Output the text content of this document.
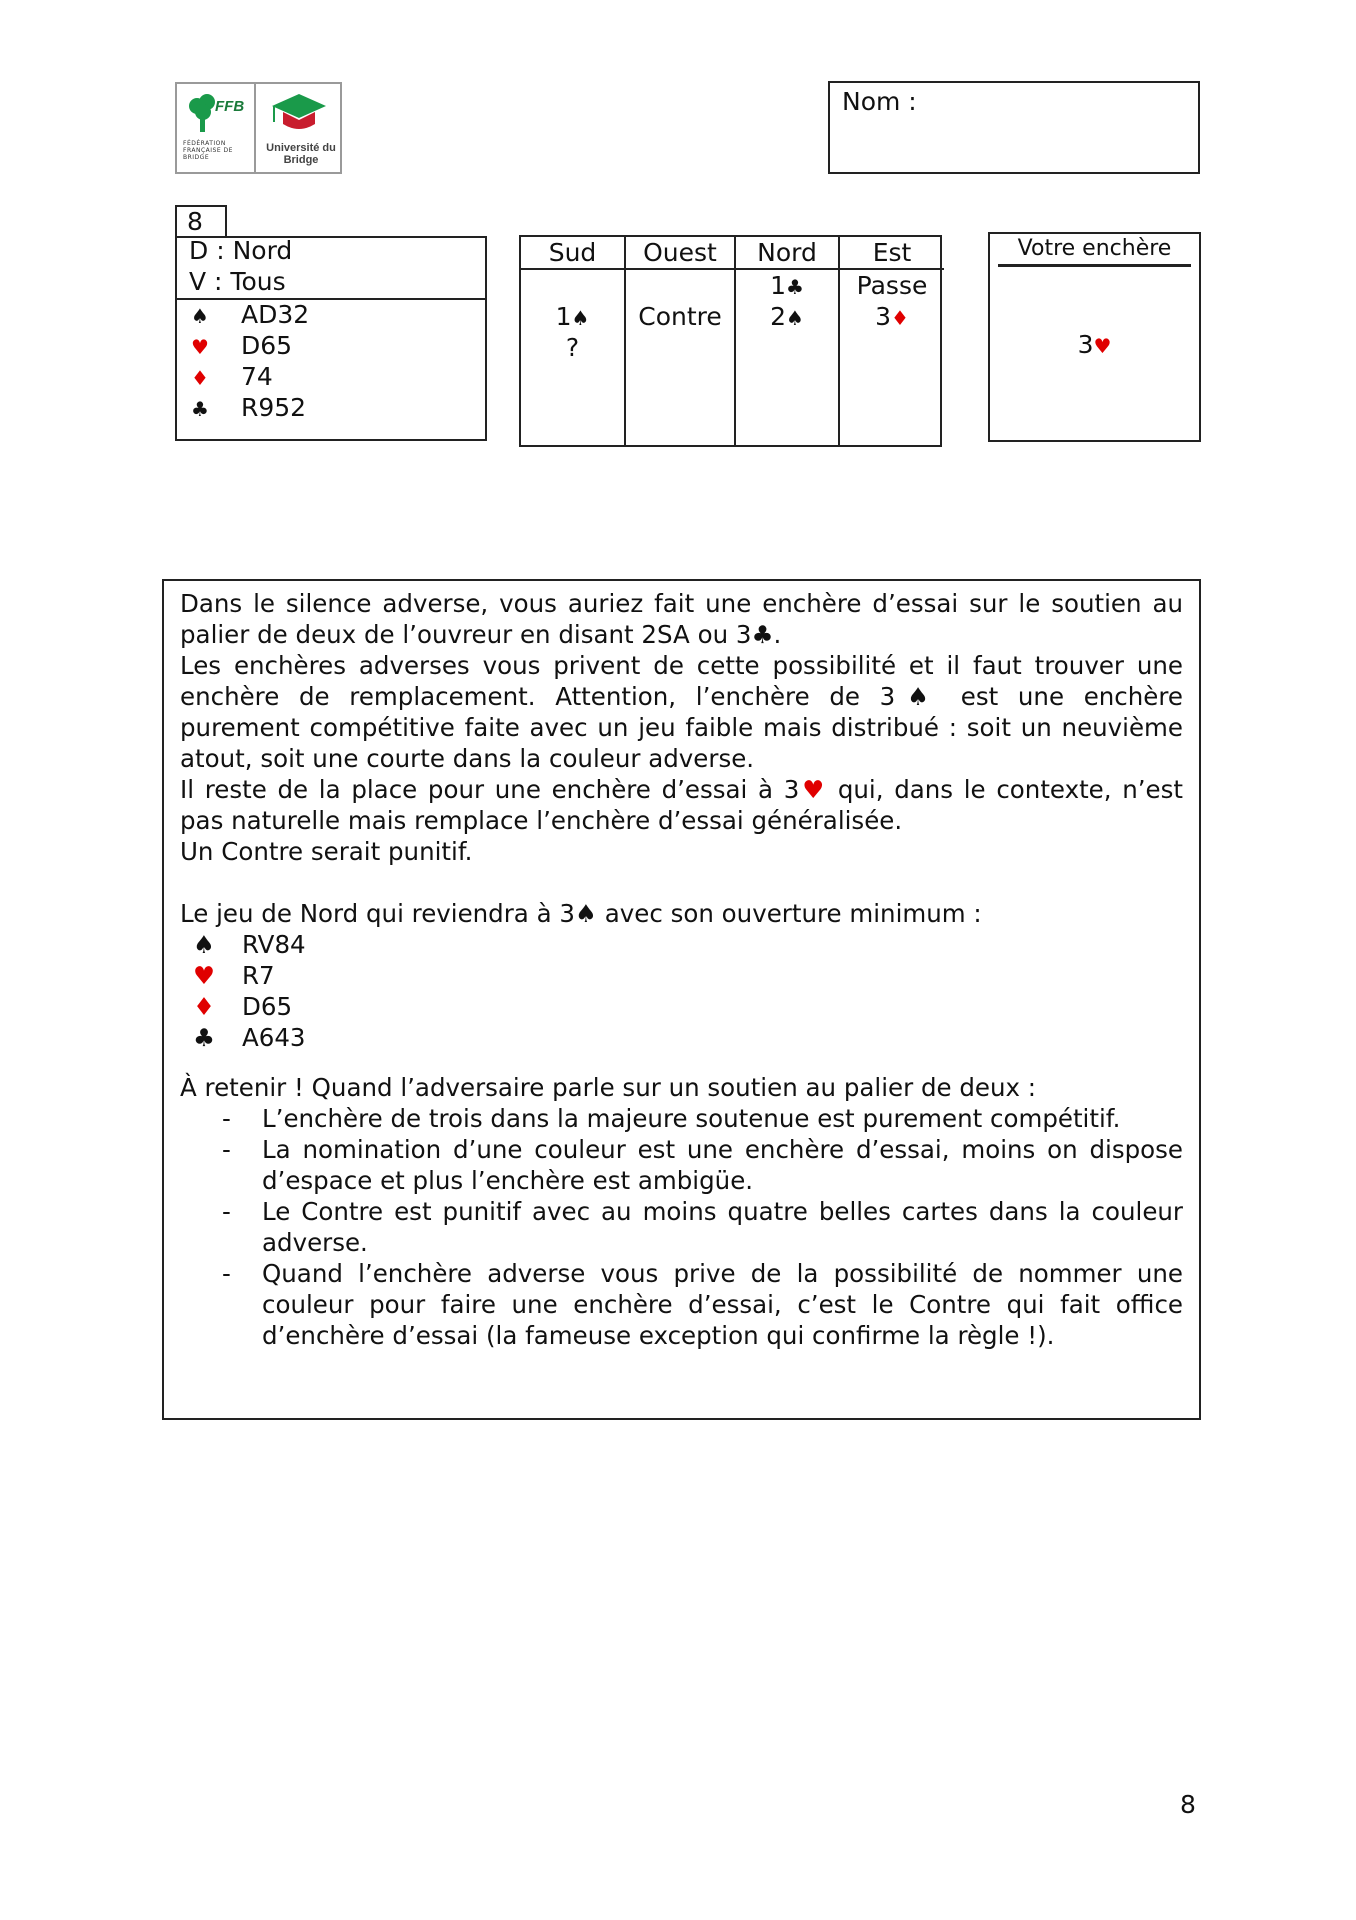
FFB
FÉDÉRATION FRANÇAISE DE BRIDGE
Université du Bridge
Nom :
8
D : Nord
V : Tous
♠ AD32
♥ D65
♦ 74
♣ R952
Sud
1♠
?
Ouest
Contre
Nord
1♣
2♠
Est
Passe
3♦
Votre enchère
3♥
Dans le silence adverse, vous auriez fait une enchère d’essai sur le soutien au
palier de deux de l’ouvreur en disant 2SA ou 3♣.
Les enchères adverses vous privent de cette possibilité et il faut trouver une
enchère de remplacement. Attention, l’enchère de 3♠ est une enchère
purement compétitive faite avec un jeu faible mais distribué : soit un neuvième
atout, soit une courte dans la couleur adverse.
Il reste de la place pour une enchère d’essai à 3♥ qui, dans le contexte, n’est
pas naturelle mais remplace l’enchère d’essai généralisée.
Un Contre serait punitif.
Le jeu de Nord qui reviendra à 3♠ avec son ouverture minimum :
♠ RV84
♥ R7
♦ D65
♣ A643
À retenir ! Quand l’adversaire parle sur un soutien au palier de deux :
- L’enchère de trois dans la majeure soutenue est purement compétitif.
- La nomination d’une couleur est une enchère d’essai, moins on dispose
d’espace et plus l’enchère est ambigüe.
- Le Contre est punitif avec au moins quatre belles cartes dans la couleur
adverse.
- Quand l’enchère adverse vous prive de la possibilité de nommer une
couleur pour faire une enchère d’essai, c’est le Contre qui fait office
d’enchère d’essai (la fameuse exception qui confirme la règle !).
8
